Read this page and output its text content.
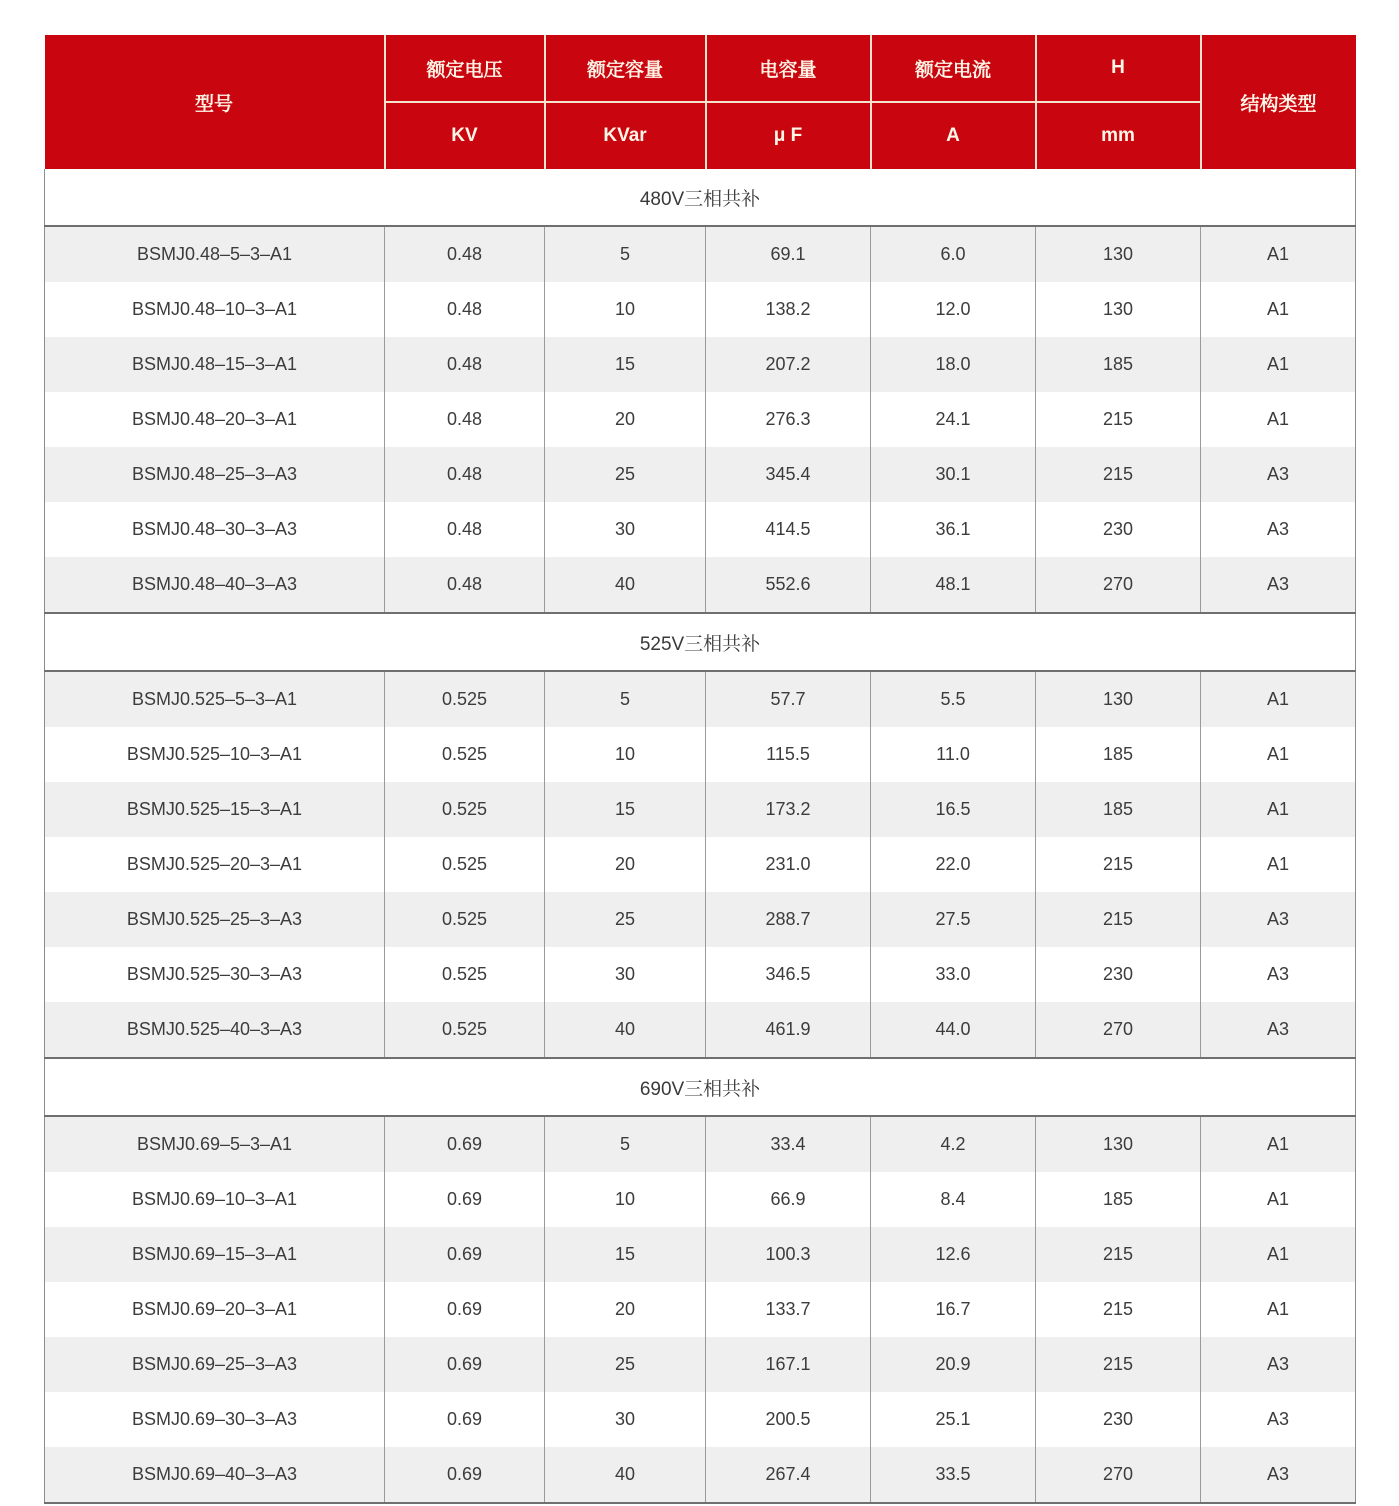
型号	额定电压	额定容量	电容量	额定电流	H	结构类型
	KV	KVar	μ F	A	mm	
480V三相共补						
BSMJ0.48–5–3–A1	0.48	5	69.1	6.0	130	A1
BSMJ0.48–10–3–A1	0.48	10	138.2	12.0	130	A1
BSMJ0.48–15–3–A1	0.48	15	207.2	18.0	185	A1
BSMJ0.48–20–3–A1	0.48	20	276.3	24.1	215	A1
BSMJ0.48–25–3–A3	0.48	25	345.4	30.1	215	A3
BSMJ0.48–30–3–A3	0.48	30	414.5	36.1	230	A3
BSMJ0.48–40–3–A3	0.48	40	552.6	48.1	270	A3
525V三相共补						
BSMJ0.525–5–3–A1	0.525	5	57.7	5.5	130	A1
BSMJ0.525–10–3–A1	0.525	10	115.5	11.0	185	A1
BSMJ0.525–15–3–A1	0.525	15	173.2	16.5	185	A1
BSMJ0.525–20–3–A1	0.525	20	231.0	22.0	215	A1
BSMJ0.525–25–3–A3	0.525	25	288.7	27.5	215	A3
BSMJ0.525–30–3–A3	0.525	30	346.5	33.0	230	A3
BSMJ0.525–40–3–A3	0.525	40	461.9	44.0	270	A3
690V三相共补						
BSMJ0.69–5–3–A1	0.69	5	33.4	4.2	130	A1
BSMJ0.69–10–3–A1	0.69	10	66.9	8.4	185	A1
BSMJ0.69–15–3–A1	0.69	15	100.3	12.6	215	A1
BSMJ0.69–20–3–A1	0.69	20	133.7	16.7	215	A1
BSMJ0.69–25–3–A3	0.69	25	167.1	20.9	215	A3
BSMJ0.69–30–3–A3	0.69	30	200.5	25.1	230	A3
BSMJ0.69–40–3–A3	0.69	40	267.4	33.5	270	A3
